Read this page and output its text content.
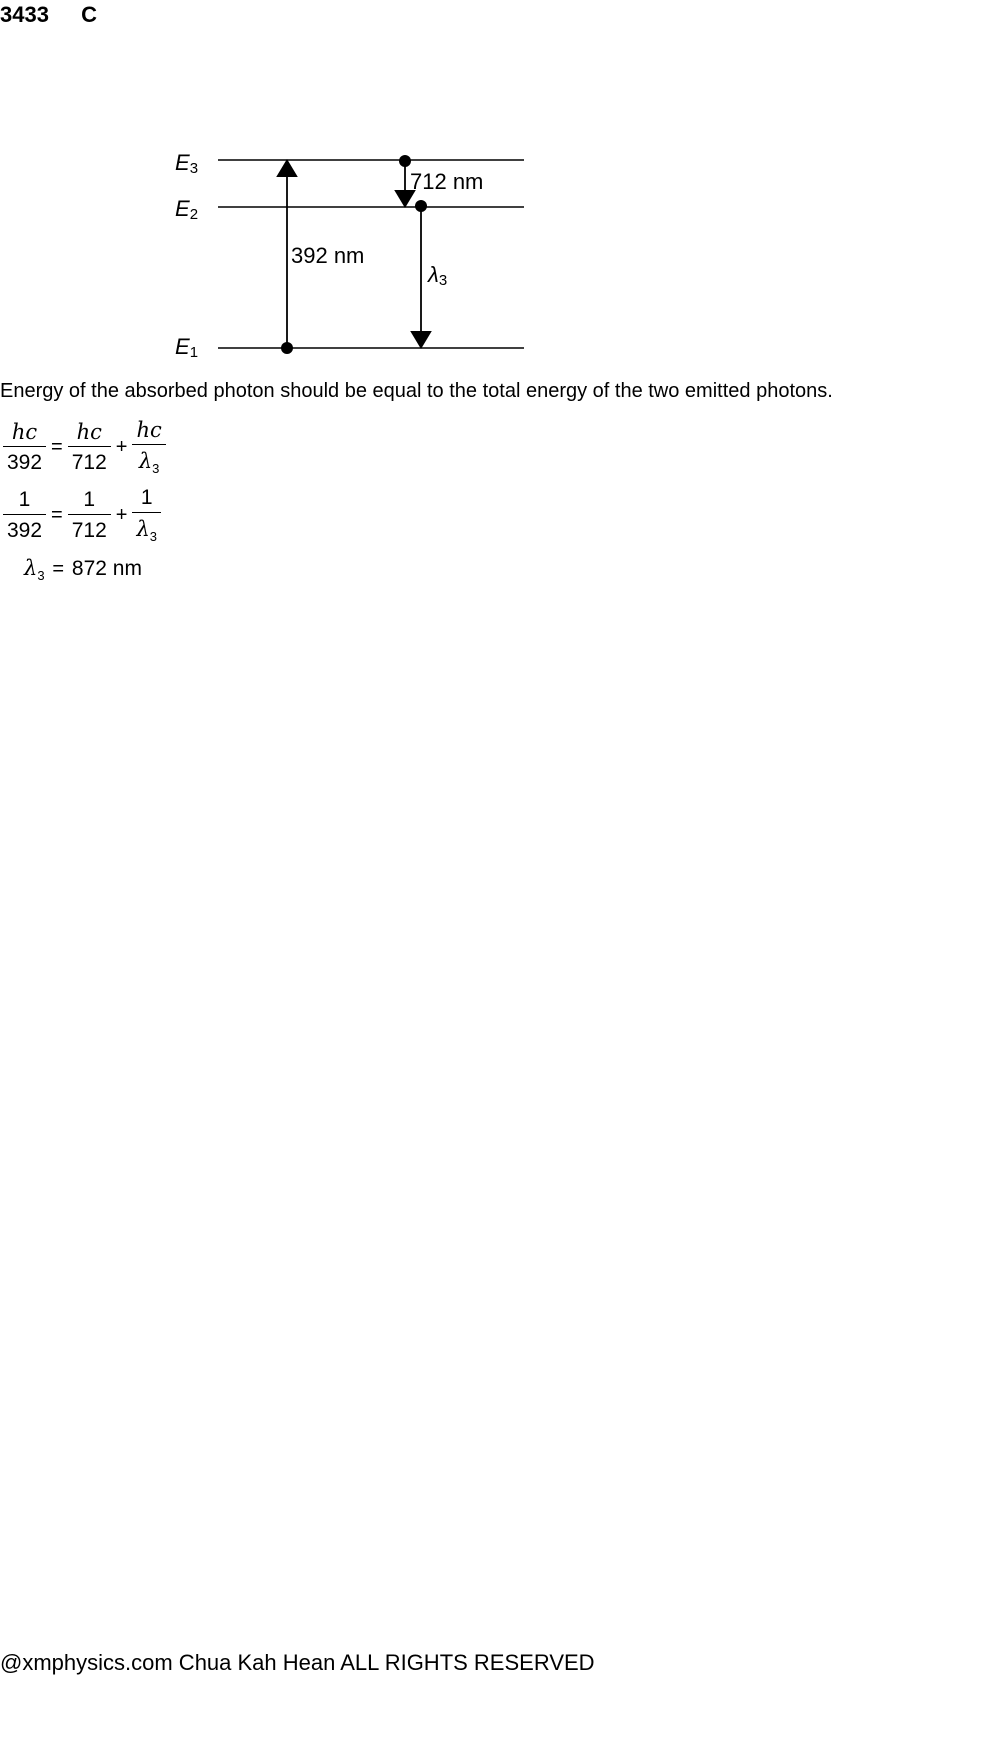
3433 C
E3
E2
E1
392 nm
712 nm
λ3
Energy of the absorbed photon should be equal to the total energy of the two emitted photons.
$\frac{hc}{392} = \frac{hc}{712} + \frac{hc}{\lambda_3}$
$\frac{1}{392} = \frac{1}{712} + \frac{1}{\lambda_3}$
$\lambda_3 = 872$ nm
@xmphysics.com Chua Kah Hean ALL RIGHTS RESERVED
